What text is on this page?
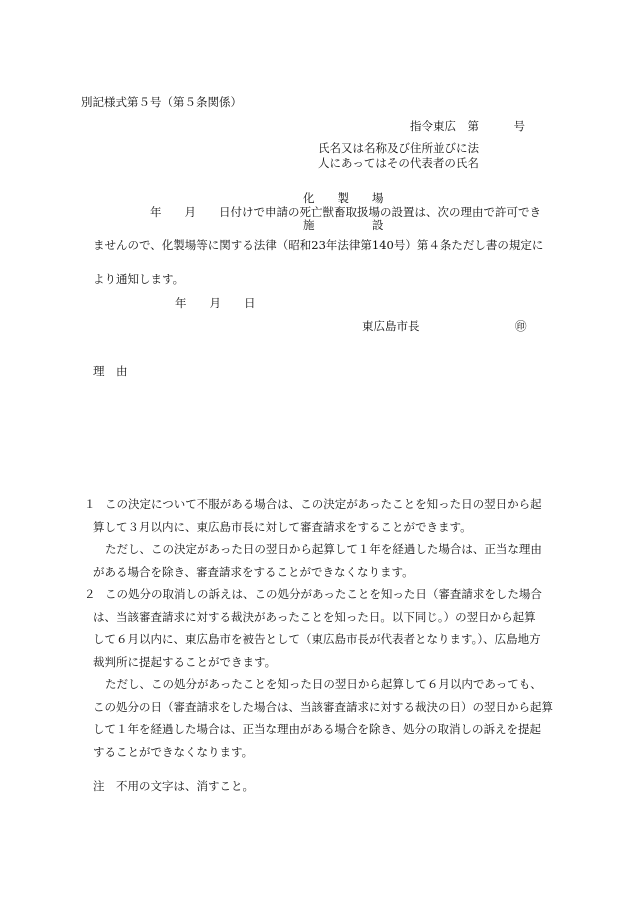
別記様式第５号（第５条関係）
指令東広　第　　　号
氏名又は名称及び住所並びに法
人にあってはその代表者の氏名
化　　製　　場
年　　月　　日付けで申請の死亡獣畜取扱場の設置は、次の理由で許可でき
施　　　　　設
ませんので、化製場等に関する法律（昭和23年法律第140号）第４条ただし書の規定に
より通知します。
年　　月　　日
東広島市長	㊞
理　由
１ この決定について不服がある場合は、この決定があったことを知った日の翌日から起
算して３月以内に、東広島市長に対して審査請求をすることができます。
ただし、この決定があった日の翌日から起算して１年を経過した場合は、正当な理由
がある場合を除き、審査請求をすることができなくなります。
２ この処分の取消しの訴えは、この処分があったことを知った日（審査請求をした場合
は、当該審査請求に対する裁決があったことを知った日。以下同じ。）の翌日から起算
して６月以内に、東広島市を被告として（東広島市長が代表者となります。）、広島地方
裁判所に提起することができます。
ただし、この処分があったことを知った日の翌日から起算して６月以内であっても、
この処分の日（審査請求をした場合は、当該審査請求に対する裁決の日）の翌日から起算
して１年を経過した場合は、正当な理由がある場合を除き、処分の取消しの訴えを提起
することができなくなります。
注　不用の文字は、消すこと。
